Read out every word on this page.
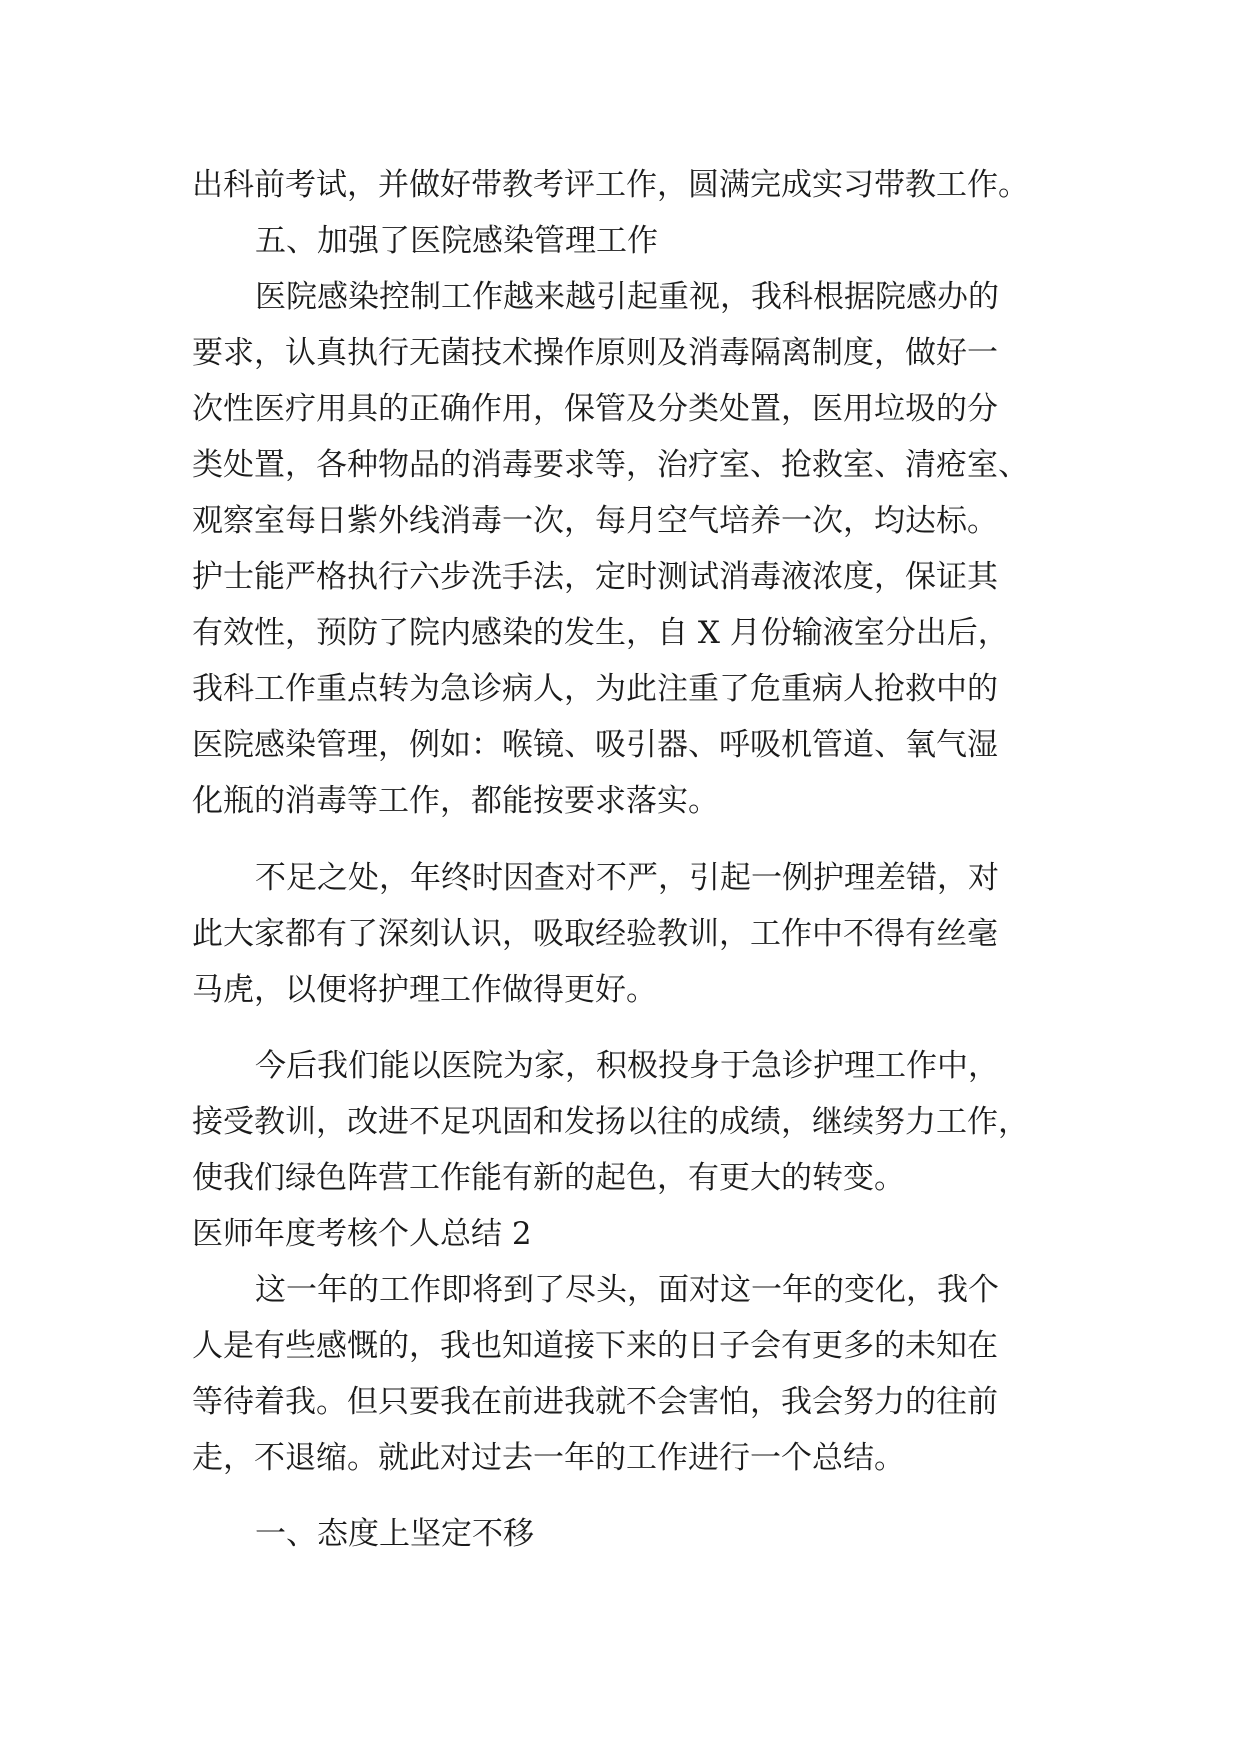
出科前考试，并做好带教考评工作，圆满完成实习带教工作。
五、加强了医院感染管理工作
医院感染控制工作越来越引起重视，我科根据院感办的
要求，认真执行无菌技术操作原则及消毒隔离制度，做好一
次性医疗用具的正确作用，保管及分类处置，医用垃圾的分
类处置，各种物品的消毒要求等，治疗室、抢救室、清疮室、
观察室每日紫外线消毒一次，每月空气培养一次，均达标。
护士能严格执行六步洗手法，定时测试消毒液浓度，保证其
有效性，预防了院内感染的发生，自 X 月份输液室分出后，
我科工作重点转为急诊病人，为此注重了危重病人抢救中的
医院感染管理，例如：喉镜、吸引器、呼吸机管道、氧气湿
化瓶的消毒等工作，都能按要求落实。
不足之处，年终时因查对不严，引起一例护理差错，对
此大家都有了深刻认识，吸取经验教训，工作中不得有丝毫
马虎，以便将护理工作做得更好。
今后我们能以医院为家，积极投身于急诊护理工作中，
接受教训，改进不足巩固和发扬以往的成绩，继续努力工作，
使我们绿色阵营工作能有新的起色，有更大的转变。
医师年度考核个人总结 2
这一年的工作即将到了尽头，面对这一年的变化，我个
人是有些感慨的，我也知道接下来的日子会有更多的未知在
等待着我。但只要我在前进我就不会害怕，我会努力的往前
走，不退缩。就此对过去一年的工作进行一个总结。
一、态度上坚定不移
